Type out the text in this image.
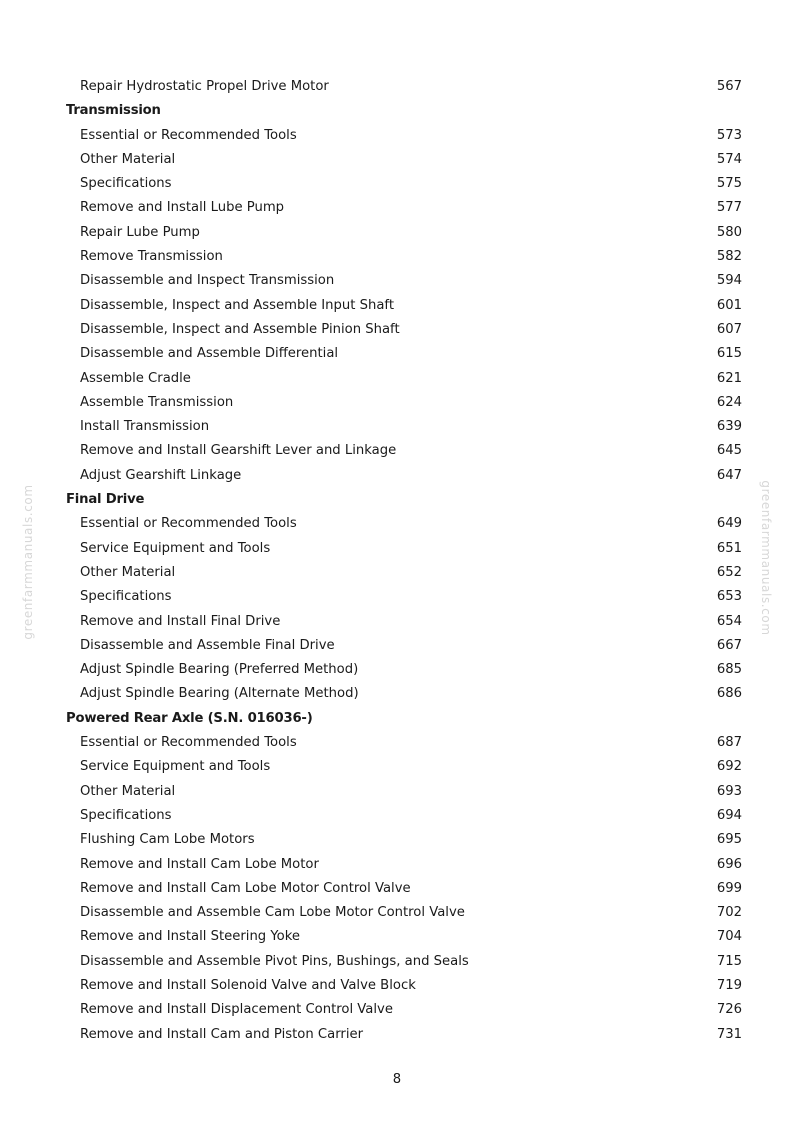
greenfarmmanuals.com	greenfarmmanuals.com
Repair Hydrostatic Propel Drive Motor	567
Transmission
Essential or Recommended Tools	573
Other Material	574
Specifications	575
Remove and Install Lube Pump	577
Repair Lube Pump	580
Remove Transmission	582
Disassemble and Inspect Transmission	594
Disassemble, Inspect and Assemble Input Shaft	601
Disassemble, Inspect and Assemble Pinion Shaft	607
Disassemble and Assemble Differential	615
Assemble Cradle	621
Assemble Transmission	624
Install Transmission	639
Remove and Install Gearshift Lever and Linkage	645
Adjust Gearshift Linkage	647
Final Drive
Essential or Recommended Tools	649
Service Equipment and Tools	651
Other Material	652
Specifications	653
Remove and Install Final Drive	654
Disassemble and Assemble Final Drive	667
Adjust Spindle Bearing (Preferred Method)	685
Adjust Spindle Bearing (Alternate Method)	686
Powered Rear Axle (S.N. 016036-)
Essential or Recommended Tools	687
Service Equipment and Tools	692
Other Material	693
Specifications	694
Flushing Cam Lobe Motors	695
Remove and Install Cam Lobe Motor	696
Remove and Install Cam Lobe Motor Control Valve	699
Disassemble and Assemble Cam Lobe Motor Control Valve	702
Remove and Install Steering Yoke	704
Disassemble and Assemble Pivot Pins, Bushings, and Seals	715
Remove and Install Solenoid Valve and Valve Block	719
Remove and Install Displacement Control Valve	726
Remove and Install Cam and Piston Carrier	731
8
